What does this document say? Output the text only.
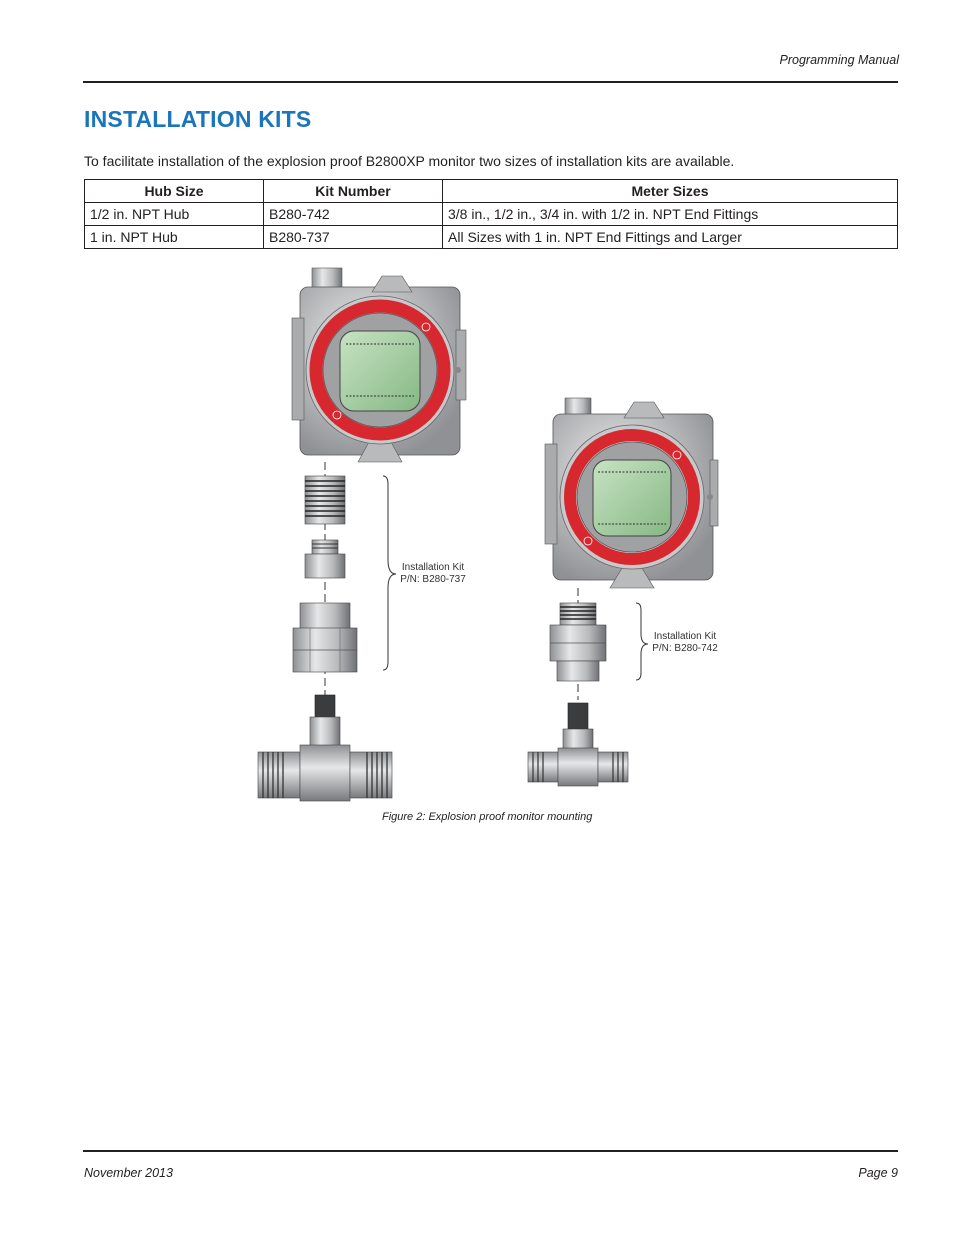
Programming Manual
INSTALLATION KITS

To facilitate installation of the explosion proof B2800XP monitor two sizes of installation kits are available.

Hub Size	Kit Number	Meter Sizes
1/2 in. NPT Hub	B280-742	3/8 in., 1/2 in., 3/4 in. with 1/2 in. NPT End Fittings
1 in. NPT Hub	B280-737	All Sizes with 1 in. NPT End Fittings and Larger
Installation Kit
P/N: B280-737
Installation Kit
P/N: B280-742

Figure 2: Explosion proof monitor mounting

November 2013	Page 9
